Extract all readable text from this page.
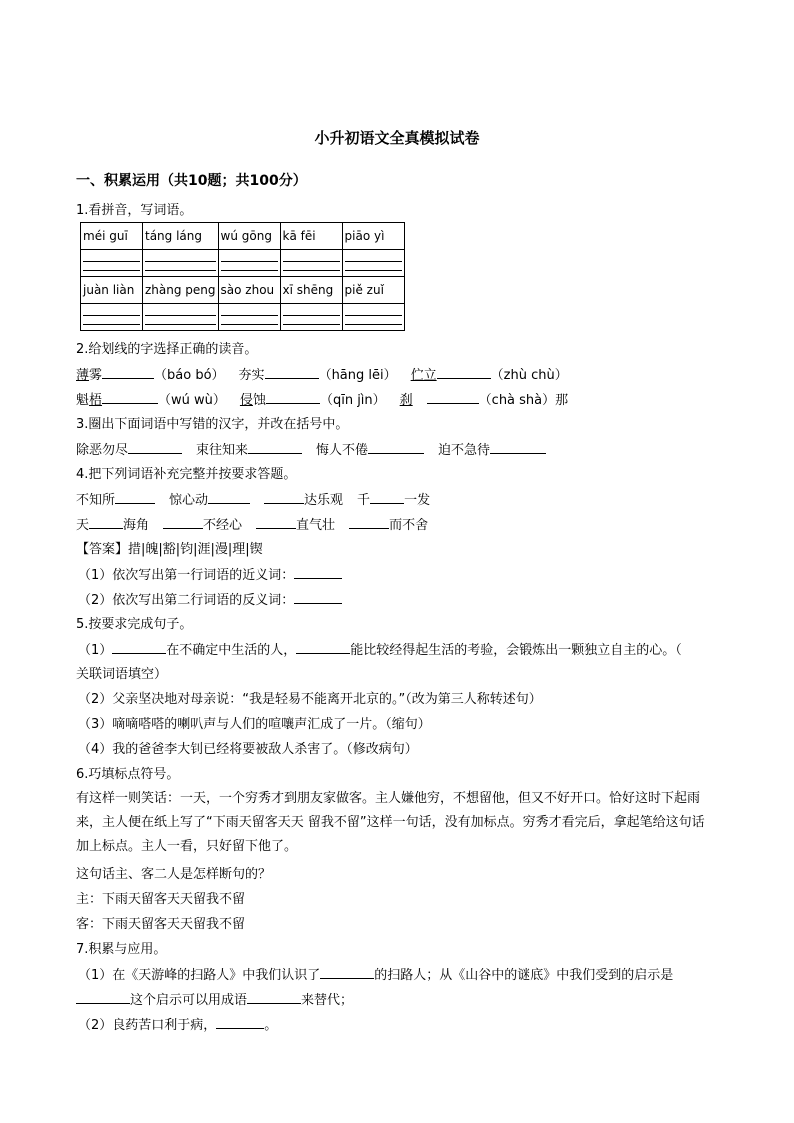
小升初语文全真模拟试卷
一、积累运用（共10题；共100分）
1.看拼音，写词语。
méi guī	táng láng	wú gōng	kā fēi	piāo yì

juàn liàn	zhàng peng	sào zhou	xī shēng	piě zuǐ

2.给划线的字选择正确的读音。
薄雾	（báo bó） 夯实	（hāng lēi） 伫立	（zhù chù）
魁梧	（wú wù） 侵蚀	（qīn jìn） 刹	（chà shà）那
3.圈出下面词语中写错的汉字，并改在括号中。
除恶勿尽	束往知来	悔人不倦	迫不急待
4.把下列词语补充完整并按要求答题。
不知所	惊心动	达乐观 千	一发
天	海角	不经心	直气壮	而不舍
【答案】措|魄|豁|钧|涯|漫|理|锲
（1）依次写出第一行词语的近义词：
（2）依次写出第二行词语的反义词：
5.按要求完成句子。
（1）	在不确定中生活的人，	能比较经得起生活的考验，会锻炼出一颗独立自主的心。（
关联词语填空）
（2）父亲坚决地对母亲说：“我是轻易不能离开北京的。”（改为第三人称转述句）
（3）嘀嘀嗒嗒的喇叭声与人们的喧嚷声汇成了一片。（缩句）
（4）我的爸爸李大钊已经将要被敌人杀害了。（修改病句）
6.巧填标点符号。
有这样一则笑话：一天，一个穷秀才到朋友家做客。主人嫌他穷，不想留他，但又不好开口。恰好这时下起雨来，主人便在纸上写了“下雨天留客天天 留我不留”这样一句话，没有加标点。穷秀才看完后，拿起笔给这句话加上标点。主人一看，只好留下他了。
这句话主、客二人是怎样断句的？
主：下雨天留客天天留我不留
客：下雨天留客天天留我不留
7.积累与应用。
（1）在《天游峰的扫路人》中我们认识了	的扫路人；从《山谷中的谜底》中我们受到的启示是
这个启示可以用成语	来替代；
（2）良药苦口利于病，	。
